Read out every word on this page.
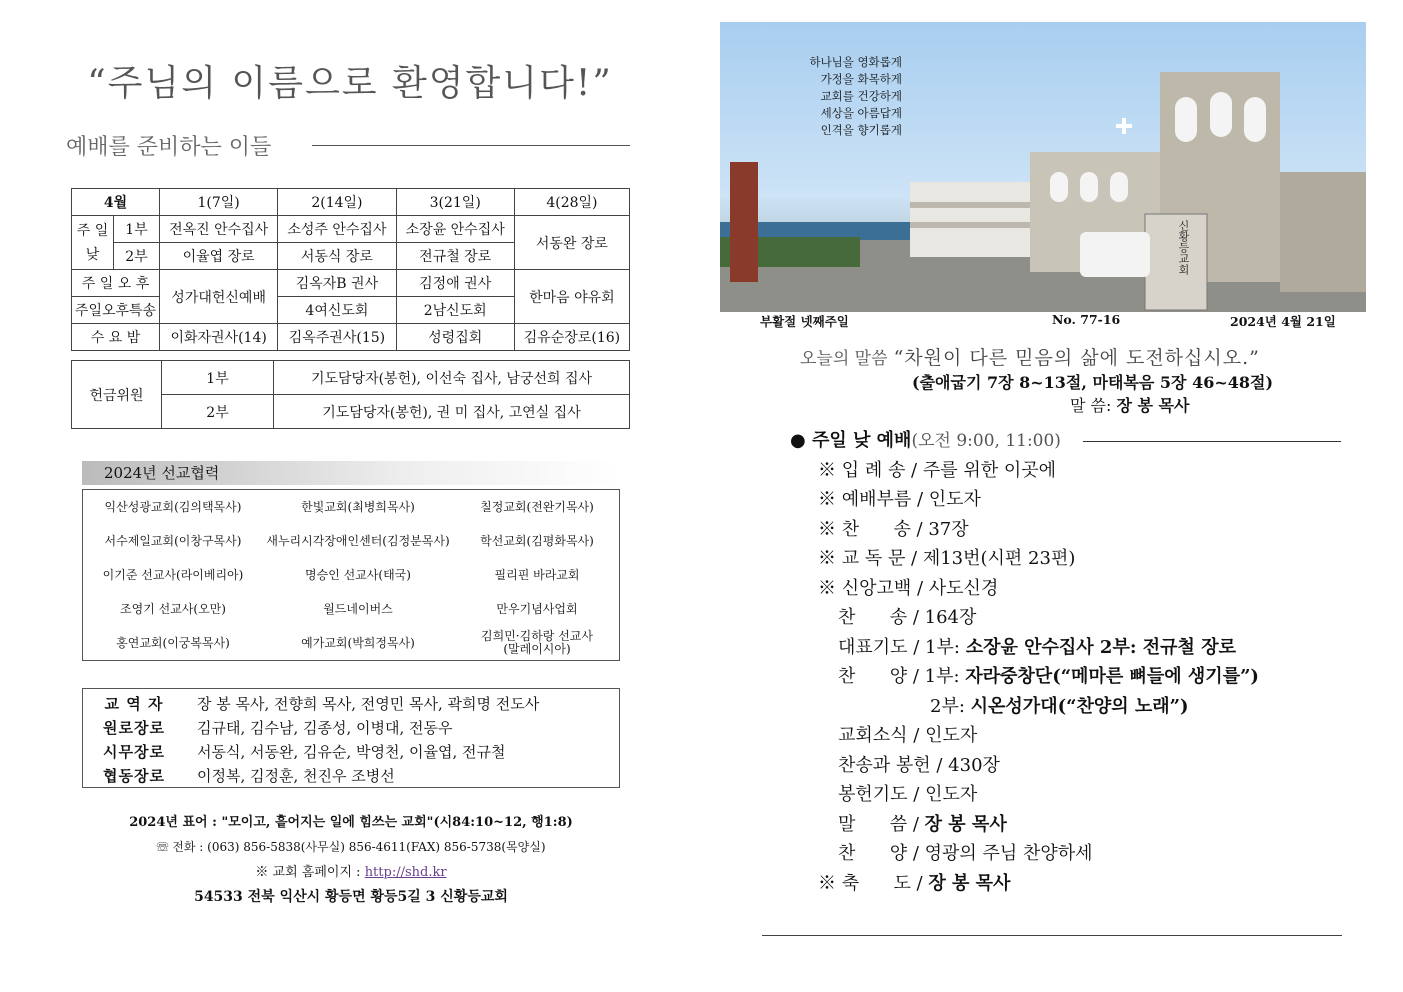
“주님의 이름으로 환영합니다!”
예배를 준비하는 이들
4월		1(7일)	2(14일)	3(21일)	4(28일)

주 일
낮	1부	전옥진 안수집사	소성주 안수집사	소장윤 안수집사	서동완 장로
	2부	이율엽 장로	서동식 장로	전규철 장로	
주 일 오 후		성가대헌신예배	김옥자B 권사	김정애 권사	한마음 야유회
주일오후특송			4여신도회	2남신도회	
수 요 밤		이화자권사(14)	김옥주권사(15)	성령집회	김유순장로(16)
헌금위원	1부	기도담당자(봉헌), 이선숙 집사, 남궁선희 집사
	2부	기도담당자(봉헌), 권 미 집사, 고연실 집사
2024년 선교협력
익산성광교회(김의택목사)	한빛교회(최병희목사)	칠정교회(전완기목사)
서수제일교회(이창구목사)	새누리시각장애인센터(김정분목사)	학선교회(김평화목사)
이기준 선교사(라이베리아)	명승인 선교사(태국)	필리핀 바라교회
조영기 선교사(오만)	월드네이버스	만우기념사업회
홍연교회(이궁복목사)	예가교회(박희정목사)	김희민·김하랑 선교사
(말레이시아)
교 역 자	장 봉 목사, 전향희 목사, 전영민 목사, 곽희명 전도사
원로장로	김규태, 김수남, 김종성, 이병대, 전동우
시무장로	서동식, 서동완, 김유순, 박영천, 이율엽, 전규철
협동장로	이정복, 김정훈, 천진우 조병선
2024년 표어 : "모이고, 흩어지는 일에 힘쓰는 교회"(시84:10~12, 행1:8)
☏ 전화 : (063) 856-5838(사무실) 856-4611(FAX) 856-5738(목양실)
※ 교회 홈페이지 : http://shd.kr
54533 전북 익산시 황등면 황등5길 3 신황등교회
하나님을 영화롭게
가정을 화목하게
교회를 건강하게
세상을 아름답게
인격을 향기롭게
신황등교회
부활절 넷째주일	No. 77-16	2024년 4월 21일
오늘의 말씀 “차원이 다른 믿음의 삶에 도전하십시오.”
(출애굽기 7장 8~13절, 마태복음 5장 46~48절)
말 씀: 장 봉 목사
● 주일 낮 예배(오전 9:00, 11:00)
※ 입 례 송 / 주를 위한 이곳에
※ 예배부름 / 인도자
※ 찬      송 / 37장
※ 교 독 문 / 제13번(시편 23편)
※ 신앙고백 / 사도신경
찬      송 / 164장
대표기도 / 1부: 소장윤 안수집사 2부: 전규철 장로
찬      양 / 1부: 자라중창단(“메마른 뼈들에 생기를”)
2부: 시온성가대(“찬양의 노래”)
교회소식 / 인도자
찬송과 봉헌 / 430장
봉헌기도 / 인도자
말      씀 / 장 봉 목사
찬      양 / 영광의 주님 찬양하세
※ 축      도 / 장 봉 목사
